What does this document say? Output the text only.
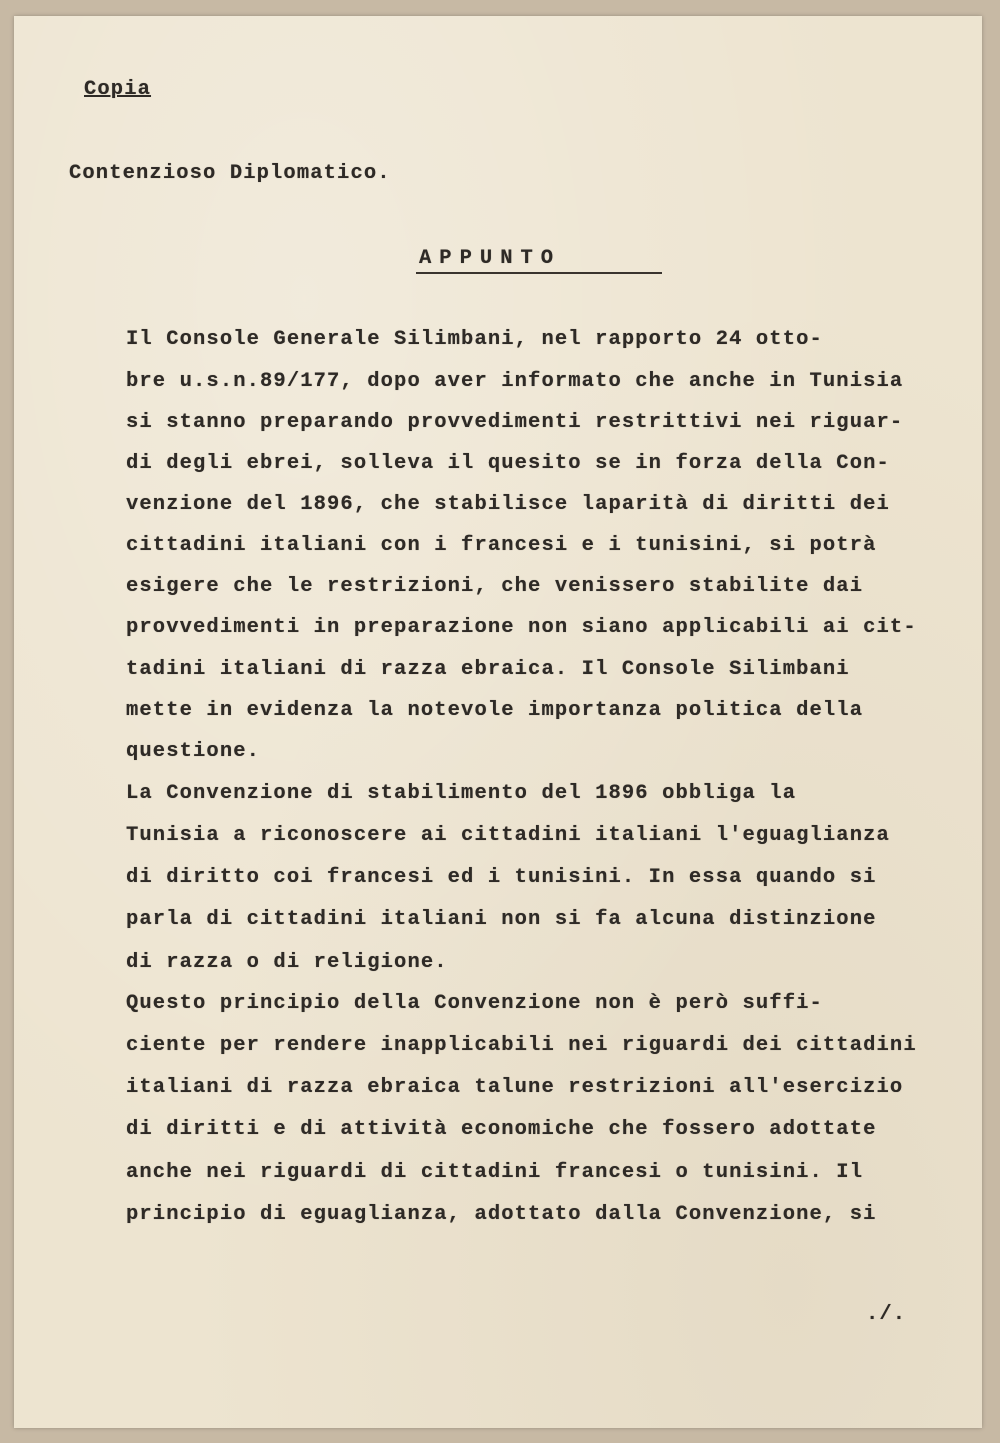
Copia
Contenzioso Diplomatico.
APPUNTO
Il Console Generale Silimbani, nel rapporto 24 otto-
bre u.s.n.89/177, dopo aver informato che anche in Tunisia
si stanno preparando provvedimenti restrittivi nei riguar-
di degli ebrei, solleva il quesito se in forza della Con-
venzione del 1896, che stabilisce laparità di diritti dei
cittadini italiani con i francesi e i tunisini, si potrà
esigere che le restrizioni, che venissero stabilite dai
provvedimenti in preparazione non siano applicabili ai cit-
tadini italiani di razza ebraica. Il Console Silimbani
mette in evidenza la notevole importanza politica della
questione.
La Convenzione di stabilimento del 1896 obbliga la
Tunisia a riconoscere ai cittadini italiani l'eguaglianza
di diritto coi francesi ed i tunisini. In essa quando si
parla di cittadini italiani non si fa alcuna distinzione
di razza o di religione.
Questo principio della Convenzione non è però suffi-
ciente per rendere inapplicabili nei riguardi dei cittadini
italiani di razza ebraica talune restrizioni all'esercizio
di diritti e di attività economiche che fossero adottate
anche nei riguardi di cittadini francesi o tunisini. Il
principio di eguaglianza, adottato dalla Convenzione, si
./.
